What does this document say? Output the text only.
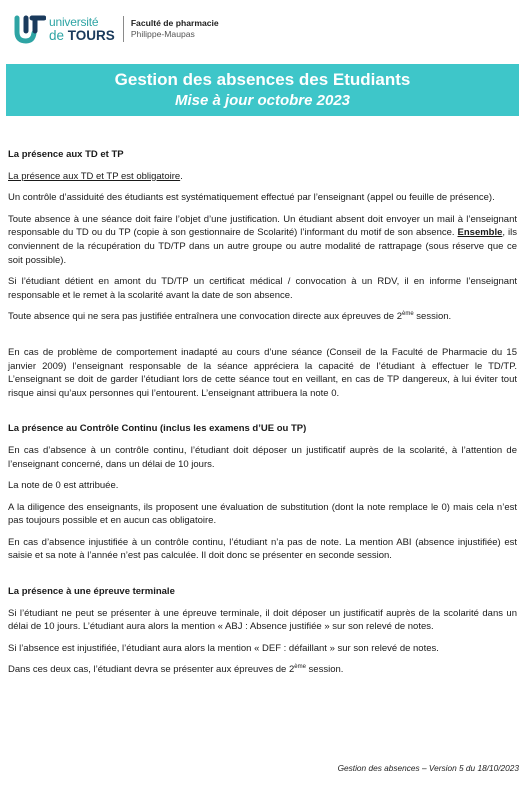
université
de TOURS
Faculté de pharmacie
Philippe-Maupas
Gestion des absences des Etudiants
Mise à jour octobre 2023
La présence aux TD et TP

La présence aux TD et TP est obligatoire.

Un contrôle d’assiduité des étudiants est systématiquement effectué par l’enseignant (appel ou feuille de présence).

Toute absence à une séance doit faire l’objet d’une justification. Un étudiant absent doit envoyer un mail à l’enseignant responsable du TD ou du TP (copie à son gestionnaire de Scolarité) l’informant du motif de son absence. Ensemble, ils conviennent de la récupération du TD/TP dans un autre groupe ou autre modalité de rattrapage (sous réserve que ce soit possible).

Si l’étudiant détient en amont du TD/TP un certificat médical / convocation à un RDV, il en informe l’enseignant responsable et le remet à la scolarité avant la date de son absence.

Toute absence qui ne sera pas justifiée entraînera une convocation directe aux épreuves de 2ème session.

En cas de problème de comportement inadapté au cours d’une séance (Conseil de la Faculté de Pharmacie du 15 janvier 2009) l’enseignant responsable de la séance appréciera la capacité de l’étudiant à effectuer le TD/TP. L’enseignant se doit de garder l’étudiant lors de cette séance tout en veillant, en cas de TP dangereux, à lui éviter tout risque ainsi qu’aux personnes qui l’entourent. L’enseignant attribuera la note 0.

La présence au Contrôle Continu (inclus les examens d’UE ou TP)

En cas d’absence à un contrôle continu, l’étudiant doit déposer un justificatif auprès de la scolarité, à l’attention de l’enseignant concerné, dans un délai de 10 jours.

La note de 0 est attribuée.

A la diligence des enseignants, ils proposent une évaluation de substitution (dont la note remplace le 0) mais cela n’est pas toujours possible et en aucun cas obligatoire.

En cas d’absence injustifiée à un contrôle continu, l’étudiant n’a pas de note. La mention ABI (absence injustifiée) est saisie et sa note à l’année n’est pas calculée. Il doit donc se présenter en seconde session.

La présence à une épreuve terminale

Si l’étudiant ne peut se présenter à une épreuve terminale, il doit déposer un justificatif auprès de la scolarité dans un délai de 10 jours. L’étudiant aura alors la mention « ABJ : Absence justifiée » sur son relevé de notes.

Si l’absence est injustifiée, l’étudiant aura alors la mention « DEF : défaillant » sur son relevé de notes.

Dans ces deux cas, l’étudiant devra se présenter aux épreuves de 2ème session.

Gestion des absences – Version 5 du 18/10/2023
